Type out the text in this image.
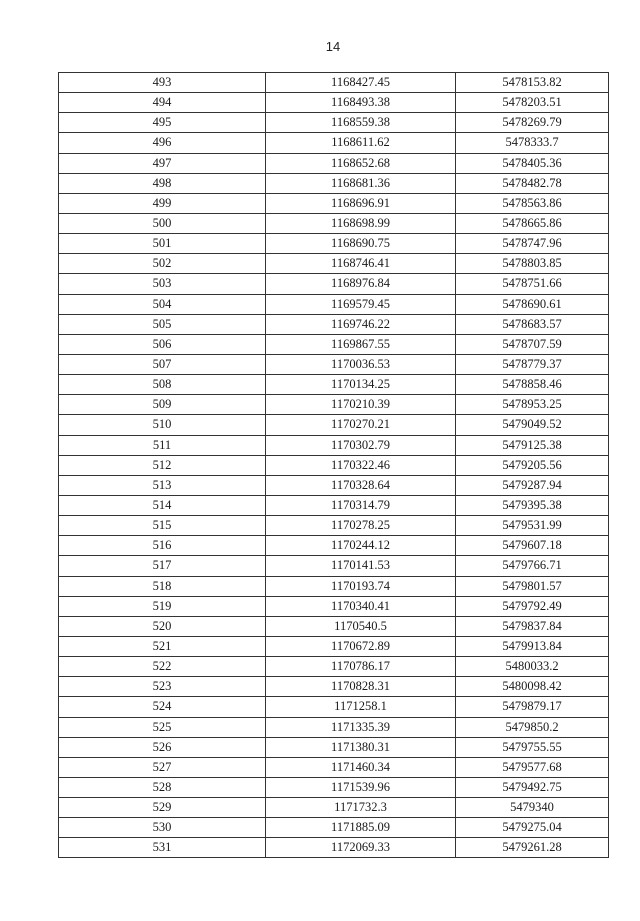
14
493	1168427.45	5478153.82
494	1168493.38	5478203.51
495	1168559.38	5478269.79
496	1168611.62	5478333.7
497	1168652.68	5478405.36
498	1168681.36	5478482.78
499	1168696.91	5478563.86
500	1168698.99	5478665.86
501	1168690.75	5478747.96
502	1168746.41	5478803.85
503	1168976.84	5478751.66
504	1169579.45	5478690.61
505	1169746.22	5478683.57
506	1169867.55	5478707.59
507	1170036.53	5478779.37
508	1170134.25	5478858.46
509	1170210.39	5478953.25
510	1170270.21	5479049.52
511	1170302.79	5479125.38
512	1170322.46	5479205.56
513	1170328.64	5479287.94
514	1170314.79	5479395.38
515	1170278.25	5479531.99
516	1170244.12	5479607.18
517	1170141.53	5479766.71
518	1170193.74	5479801.57
519	1170340.41	5479792.49
520	1170540.5	5479837.84
521	1170672.89	5479913.84
522	1170786.17	5480033.2
523	1170828.31	5480098.42
524	1171258.1	5479879.17
525	1171335.39	5479850.2
526	1171380.31	5479755.55
527	1171460.34	5479577.68
528	1171539.96	5479492.75
529	1171732.3	5479340
530	1171885.09	5479275.04
531	1172069.33	5479261.28
